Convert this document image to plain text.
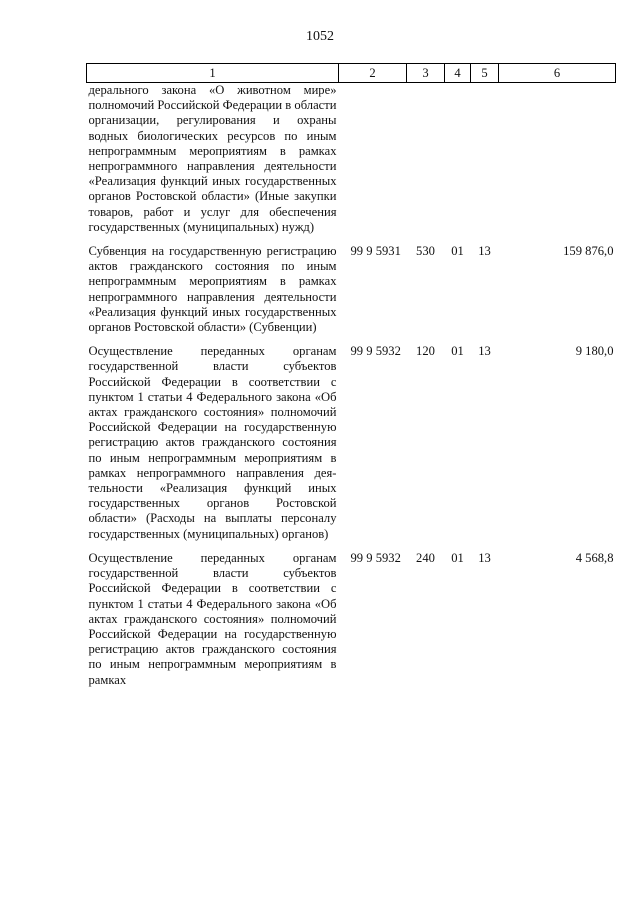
1052
1	2	3	4	5	6
дерального закона «О животном мире» полномочий Российской Федерации в области организации, регулирования и охраны водных биологических ресурсов по иным непрограммным мероприятиям в рамках непрограммного направления деятельности «Реализация функций иных государственных органов Ростовской области» (Иные закупки товаров, работ и услуг для обеспечения государственных (муниципальных) нужд)					

Субвенция на государственную регистрацию актов гражданского состояния по иным непрограммным мероприятиям в рамках непрограммного направления деятельности «Реализация функций иных государственных органов Ростовской области» (Субвенции)	99 9 5931	530	01	13	159 876,0

Осуществление переданных органам государственной власти субъектов Российской Федерации в соответствии с пунктом 1 статьи 4 Федерального закона «Об актах гражданского состояния» полномочий Российской Федерации на государственную регистрацию актов гражданского состояния по иным непрограммным мероприятиям в рамках непрограммного направления деятельности «Реализация функций иных государственных органов Ростовской области» (Расходы на выплаты персоналу государственных (муниципальных) органов)	99 9 5932	120	01	13	9 180,0

Осуществление переданных органам государственной власти субъектов Российской Федерации в соответствии с пунктом 1 статьи 4 Федерального закона «Об актах гражданского состояния» полномочий Российской Федерации на государственную регистрацию актов гражданского состояния по иным непрограммным мероприятиям в рамках	99 9 5932	240	01	13	4 568,8
